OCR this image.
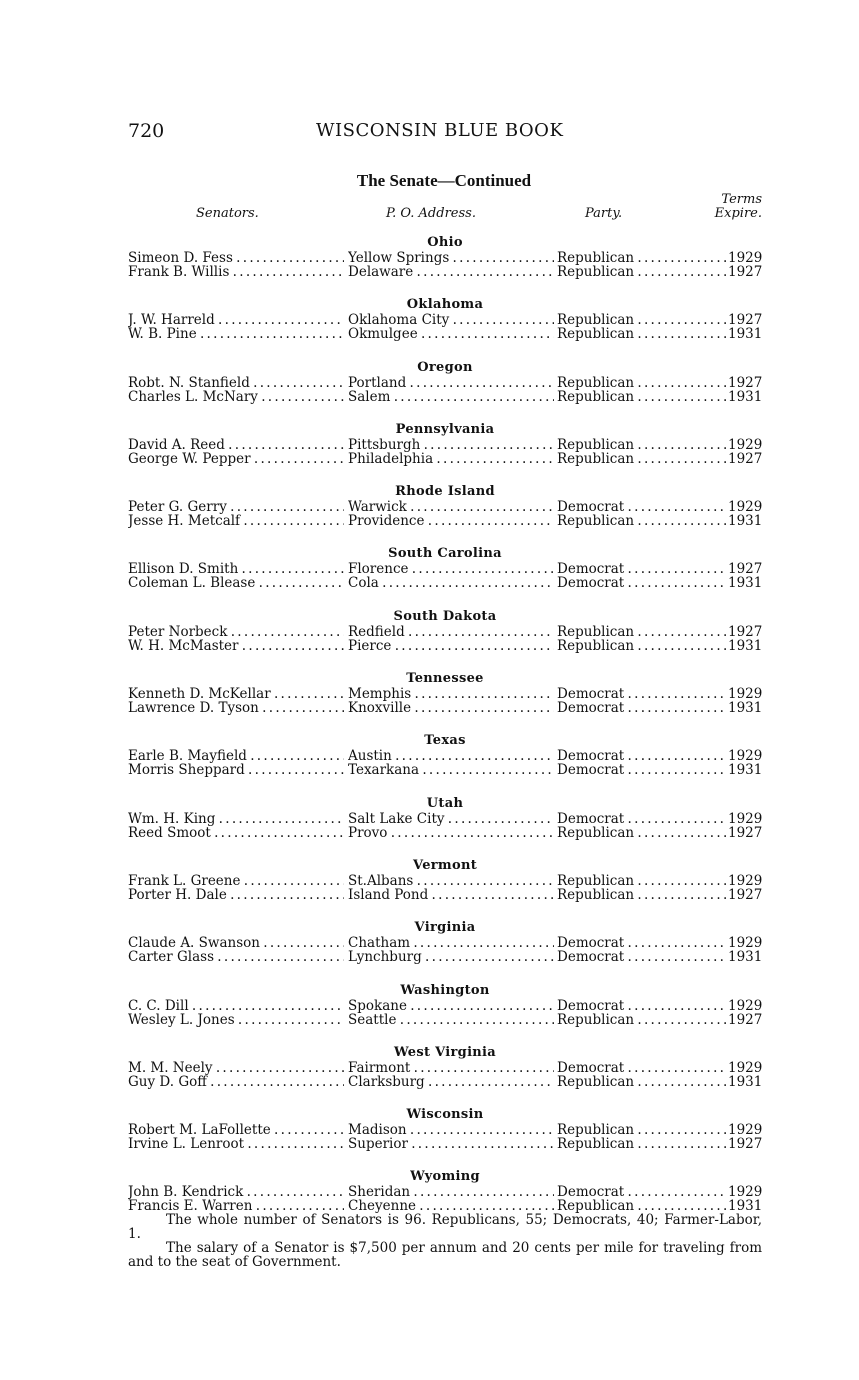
720	WISCONSIN BLUE BOOK
The Senate—Continued
Senators.	P. O. Address.	Party.
Terms
Expire.
Ohio
Simeon D. Fess . . .	Yellow Springs . . .	Republican . . .	1929
Frank B. Willis . . .	Delaware . . .	Republican . . .	1927
Oklahoma
J. W. Harreld . . .	Oklahoma City . . .	Republican . . .	1927
W. B. Pine . . .	Okmulgee . . .	Republican . . .	1931
Oregon
Robt. N. Stanfield . . .	Portland . . .	Republican . . .	1927
Charles L. McNary . . .	Salem . . .	Republican . . .	1931
Pennsylvania
David A. Reed . . .	Pittsburgh . . .	Republican . . .	1929
George W. Pepper . . .	Philadelphia . . .	Republican . . .	1927
Rhode Island
Peter G. Gerry . . .	Warwick . . .	Democrat . . .	1929
Jesse H. Metcalf . . .	Providence . . .	Republican . . .	1931
South Carolina
Ellison D. Smith . . .	Florence . . .	Democrat . . .	1927
Coleman L. Blease . . .	Cola . . .	Democrat . . .	1931
South Dakota
Peter Norbeck . . .	Redfield . . .	Republican . . .	1927
W. H. McMaster . . .	Pierce . . .	Republican . . .	1931
Tennessee
Kenneth D. McKellar . . .	Memphis . . .	Democrat . . .	1929
Lawrence D. Tyson . . .	Knoxville . . .	Democrat . . .	1931
Texas
Earle B. Mayfield . . .	Austin . . .	Democrat . . .	1929
Morris Sheppard . . .	Texarkana . . .	Democrat . . .	1931
Utah
Wm. H. King . . .	Salt Lake City . . .	Democrat . . .	1929
Reed Smoot . . .	Provo . . .	Republican . . .	1927
Vermont
Frank L. Greene . . .	St.Albans . . .	Republican . . .	1929
Porter H. Dale . . .	Island Pond . . .	Republican . . .	1927
Virginia
Claude A. Swanson . . .	Chatham . . .	Democrat . . .	1929
Carter Glass . . .	Lynchburg . . .	Democrat . . .	1931
Washington
C. C. Dill . . .	Spokane . . .	Democrat . . .	1929
Wesley L. Jones . . .	Seattle . . .	Republican . . .	1927
West Virginia
M. M. Neely . . .	Fairmont . . .	Democrat . . .	1929
Guy D. Goff . . .	Clarksburg . . .	Republican . . .	1931
Wisconsin
Robert M. LaFollette . . .	Madison . . .	Republican . . .	1929
Irvine L. Lenroot . . .	Superior . . .	Republican . . .	1927
Wyoming
John B. Kendrick . . .	Sheridan . . .	Democrat . . .	1929
Francis E. Warren . . .	Cheyenne . . .	Republican . . .	1931

The whole number of Senators is 96. Republicans, 55; Democrats, 40; Farmer-Labor, 1.

The salary of a Senator is $7,500 per annum and 20 cents per mile for traveling from and to the seat of Government.
